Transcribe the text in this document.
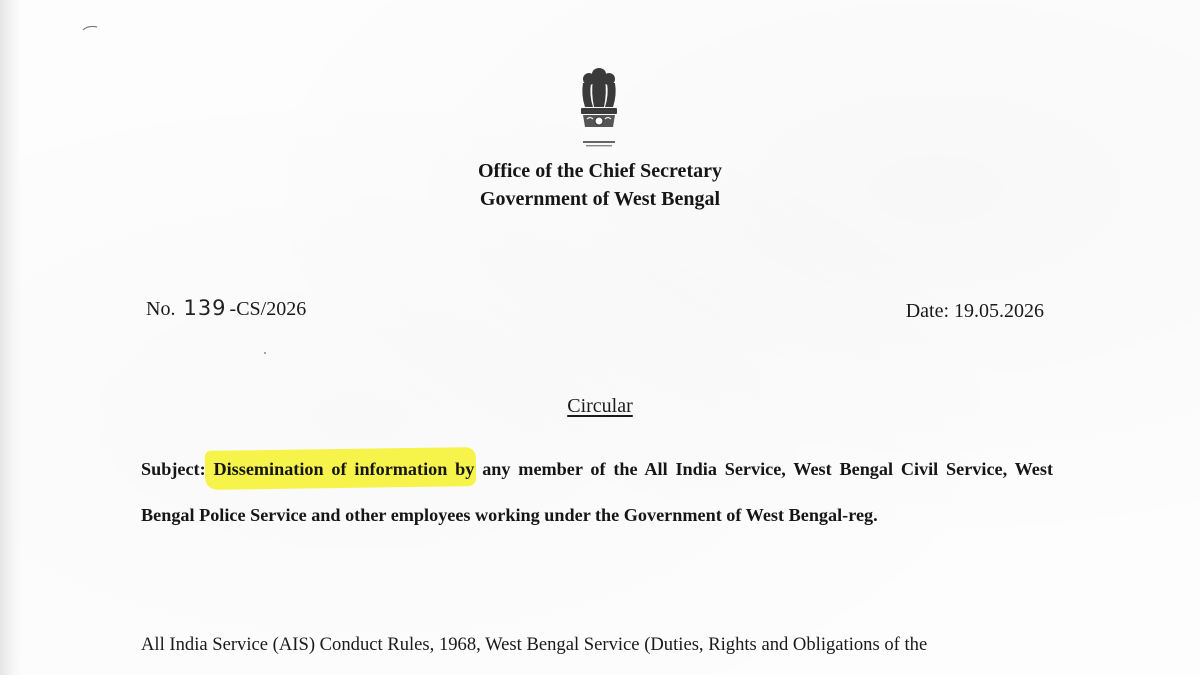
Office of the Chief Secretary
Government of West Bengal
No. 139 -CS/2026	Date: 19.05.2026
Circular
Subject: Dissemination of information by any member of the All India Service, West Bengal Civil Service, West Bengal Police Service and other employees working under the Government of West Bengal-reg.
All India Service (AIS) Conduct Rules, 1968, West Bengal Service (Duties, Rights and Obligations of the
